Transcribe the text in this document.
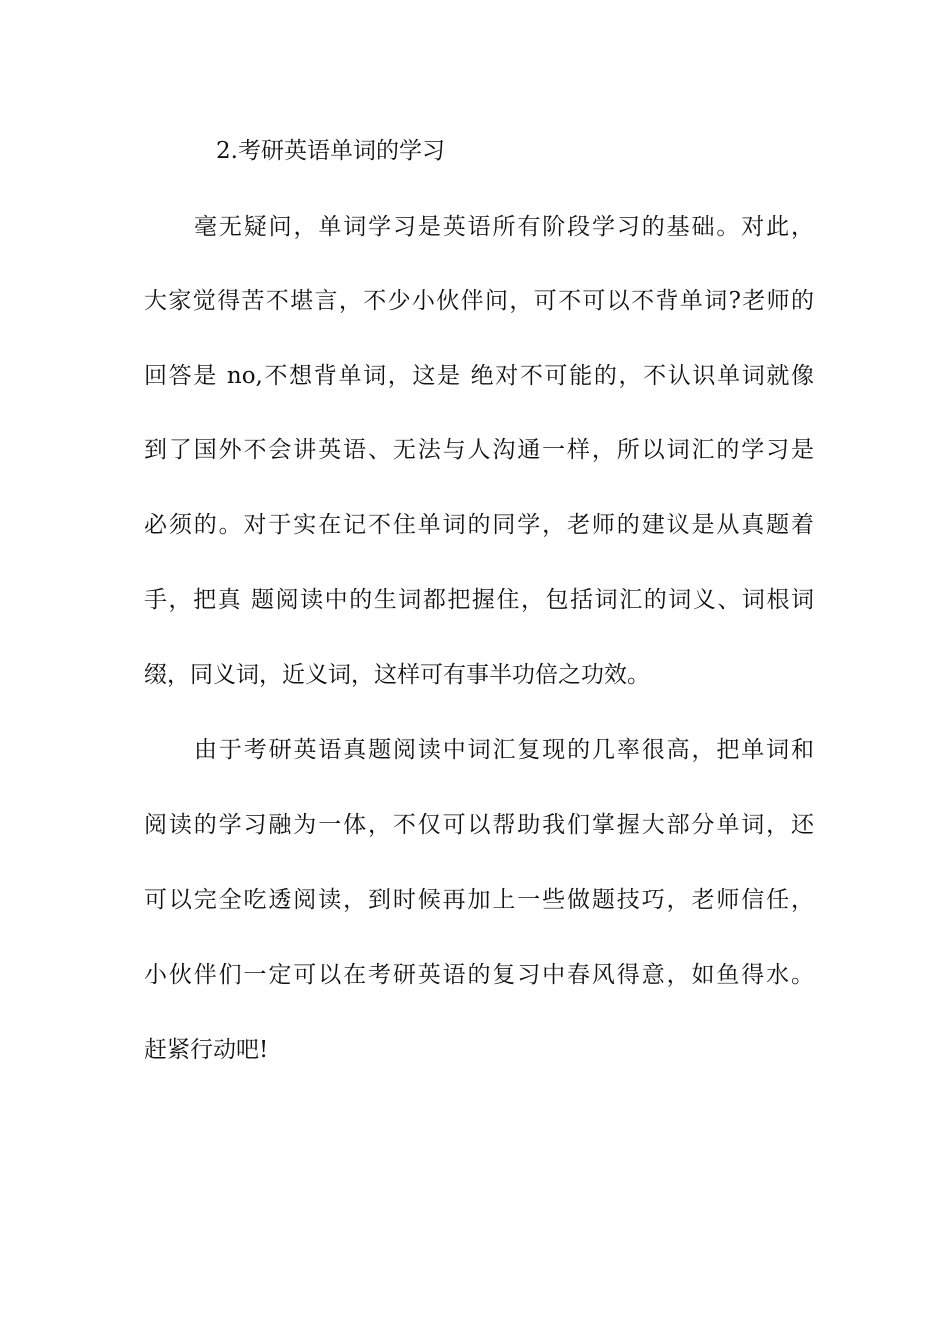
2.考研英语单词的学习
毫无疑问，单词学习是英语所有阶段学习的基础。对此，
大家觉得苦不堪言，不少小伙伴问，可不可以不背单词?老师的
回答是 no,不想背单词，这是 绝对不可能的，不认识单词就像
到了国外不会讲英语、无法与人沟通一样，所以词汇的学习是
必须的。对于实在记不住单词的同学，老师的建议是从真题着
手，把真 题阅读中的生词都把握住，包括词汇的词义、词根词
缀，同义词，近义词，这样可有事半功倍之功效。
由于考研英语真题阅读中词汇复现的几率很高，把单词和
阅读的学习融为一体，不仅可以帮助我们掌握大部分单词，还
可以完全吃透阅读，到时候再加上一些做题技巧，老师信任，
小伙伴们一定可以在考研英语的复习中春风得意，如鱼得水。
赶紧行动吧!
